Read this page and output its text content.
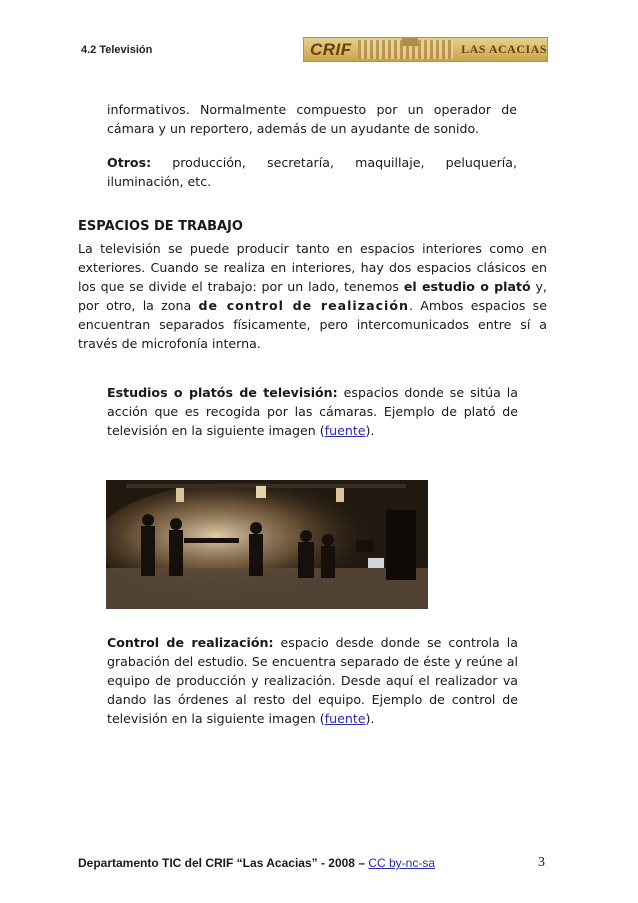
4.2 Televisión	CRIF	LAS ACACIAS

informativos. Normalmente compuesto por un operador de
cámara y un reportero, además de un ayudante de sonido.

Otros: producción, secretaría, maquillaje, peluquería,
iluminación, etc.

ESPACIOS DE TRABAJO

La televisión se puede producir tanto en espacios interiores como en exteriores. Cuando se realiza en interiores, hay dos espacios clásicos en los que se divide el trabajo: por un lado, tenemos el estudio o plató y, por otro, la zona de control de realización. Ambos espacios se encuentran separados físicamente, pero intercomunicados entre sí a través de microfonía interna.

Estudios o platós de televisión: espacios donde se sitúa la acción que es recogida por las cámaras. Ejemplo de plató de televisión en la siguiente imagen (fuente).

Control de realización: espacio desde donde se controla la grabación del estudio. Se encuentra separado de éste y reúne al equipo de producción y realización. Desde aquí el realizador va dando las órdenes al resto del equipo. Ejemplo de control de televisión en la siguiente imagen (fuente).

Departamento TIC del CRIF “Las Acacias” - 2008 – CC by-nc-sa	3
